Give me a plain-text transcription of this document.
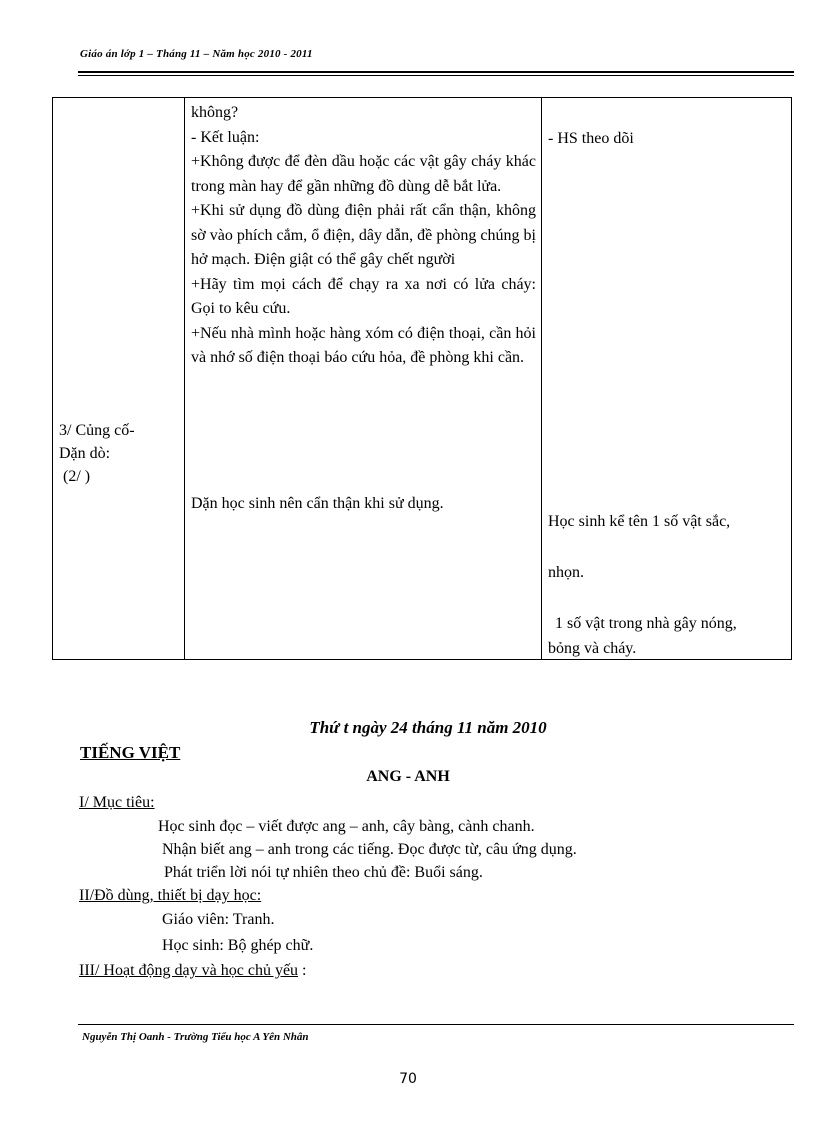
Giáo án lớp 1 – Tháng 11 – Năm học 2010 - 2011
3/ Củng cố-
Dặn dò:
(2/ )

không?

- Kết luận:

+Không được để đèn dầu hoặc các vật gây cháy khác trong màn hay để gần những đồ dùng dễ bắt lửa.

+Khi sử dụng đồ dùng điện phải rất cẩn thận, không sờ vào phích cắm, ổ điện, dây dẫn, đề phòng chúng bị hở mạch. Điện giật có thể gây chết người

+Hãy tìm mọi cách để chạy ra xa nơi có lửa cháy: Gọi to kêu cứu.

+Nếu nhà mình hoặc hàng xóm có điện thoại, cần hỏi và nhớ số điện thoại báo cứu hỏa, đề phòng khi cần.

Dặn học sinh nên cẩn thận khi sử dụng.
- HS theo dõi
Học sinh kể tên 1 số vật sắc,
nhọn.
1 số vật trong nhà gây nóng,
bỏng và cháy.
Thứ t ngày 24 tháng 11 năm 2010
TIẾNG VIỆT
ANG - ANH
I/ Mục tiêu:
Học sinh đọc – viết được ang – anh, cây bàng, cành chanh.
Nhận biết ang – anh trong các tiếng. Đọc được từ, câu ứng dụng.
Phát triển lời nói tự nhiên theo chủ đề: Buổi sáng.
II/Đồ dùng, thiết bị dạy học:
Giáo viên: Tranh.
Học sinh: Bộ ghép chữ.
III/ Hoạt động dạy và học chủ yếu :
Nguyễn Thị Oanh - Trường Tiểu học A Yên Nhân
70
